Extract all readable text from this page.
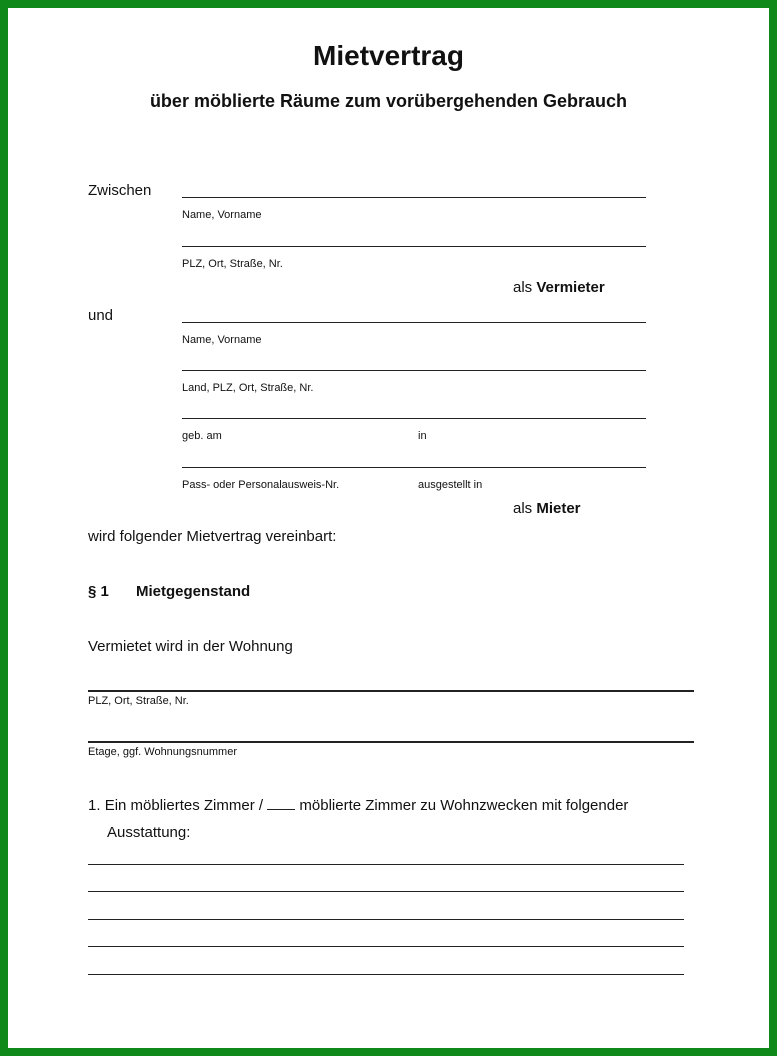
Mietvertrag
über möblierte Räume zum vorübergehenden Gebrauch
Zwischen
Name, Vorname
PLZ, Ort, Straße, Nr.
als Vermieter
und
Name, Vorname
Land, PLZ, Ort, Straße, Nr.
geb. am	in
Pass- oder Personalausweis-Nr.	ausgestellt in
als Mieter
wird folgender Mietvertrag vereinbart:
§ 1 Mietgegenstand
Vermietet wird in der Wohnung
PLZ, Ort, Straße, Nr.
Etage, ggf. Wohnungsnummer
1. Ein möbliertes Zimmer / möblierte Zimmer zu Wohnzwecken mit folgender
Ausstattung:
